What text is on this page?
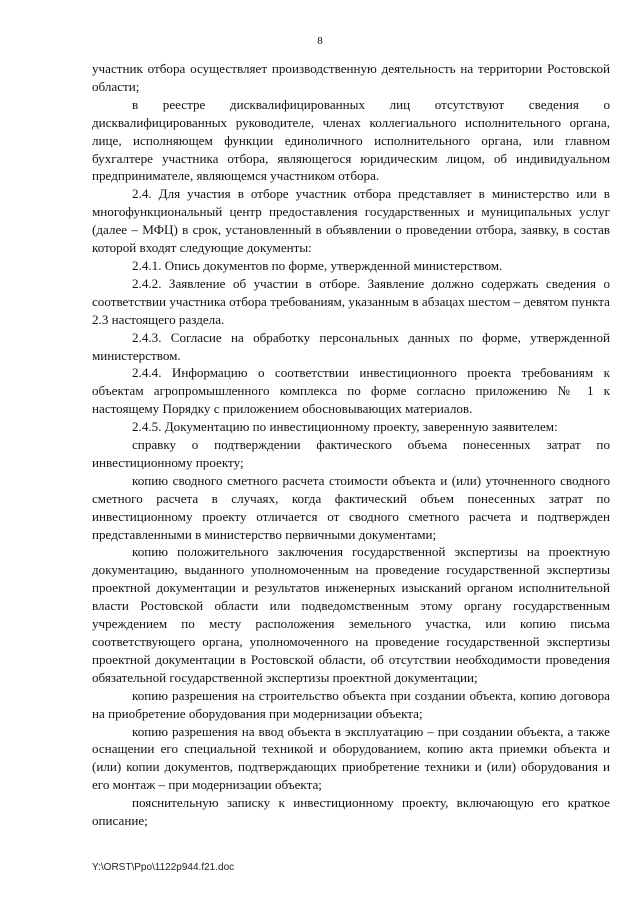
8

участник отбора осуществляет производственную деятельность на территории Ростовской области;

в реестре дисквалифицированных лиц отсутствуют сведения о дисквалифицированных руководителе, членах коллегиального исполнительного органа, лице, исполняющем функции единоличного исполнительного органа, или главном бухгалтере участника отбора, являющегося юридическим лицом, об индивидуальном предпринимателе, являющемся участником отбора.

2.4. Для участия в отборе участник отбора представляет в министерство или в многофункциональный центр предоставления государственных и муниципальных услуг (далее – МФЦ) в срок, установленный в объявлении о проведении отбора, заявку, в состав которой входят следующие документы:

2.4.1. Опись документов по форме, утвержденной министерством.

2.4.2. Заявление об участии в отборе. Заявление должно содержать сведения о соответствии участника отбора требованиям, указанным в абзацах шестом – девятом пункта 2.3 настоящего раздела.

2.4.3. Согласие на обработку персональных данных по форме, утвержденной министерством.

2.4.4. Информацию о соответствии инвестиционного проекта требованиям к объектам агропромышленного комплекса по форме согласно приложению № 1 к настоящему Порядку с приложением обосновывающих материалов.

2.4.5. Документацию по инвестиционному проекту, заверенную заявителем:

справку о подтверждении фактического объема понесенных затрат по инвестиционному проекту;

копию сводного сметного расчета стоимости объекта и (или) уточненного сводного сметного расчета в случаях, когда фактический объем понесенных затрат по инвестиционному проекту отличается от сводного сметного расчета и подтвержден представленными в министерство первичными документами;

копию положительного заключения государственной экспертизы на проектную документацию, выданного уполномоченным на проведение государственной экспертизы проектной документации и результатов инженерных изысканий органом исполнительной власти Ростовской области или подведомственным этому органу государственным учреждением по месту расположения земельного участка, или копию письма соответствующего органа, уполномоченного на проведение государственной экспертизы проектной документации в Ростовской области, об отсутствии необходимости проведения обязательной государственной экспертизы проектной документации;

копию разрешения на строительство объекта при создании объекта, копию договора на приобретение оборудования при модернизации объекта;

копию разрешения на ввод объекта в эксплуатацию – при создании объекта, а также оснащении его специальной техникой и оборудованием, копию акта приемки объекта и (или) копии документов, подтверждающих приобретение техники и (или) оборудования и его монтаж – при модернизации объекта;

пояснительную записку к инвестиционному проекту, включающую его краткое описание;

Y:\ORST\Ppo\1122p944.f21.doc
